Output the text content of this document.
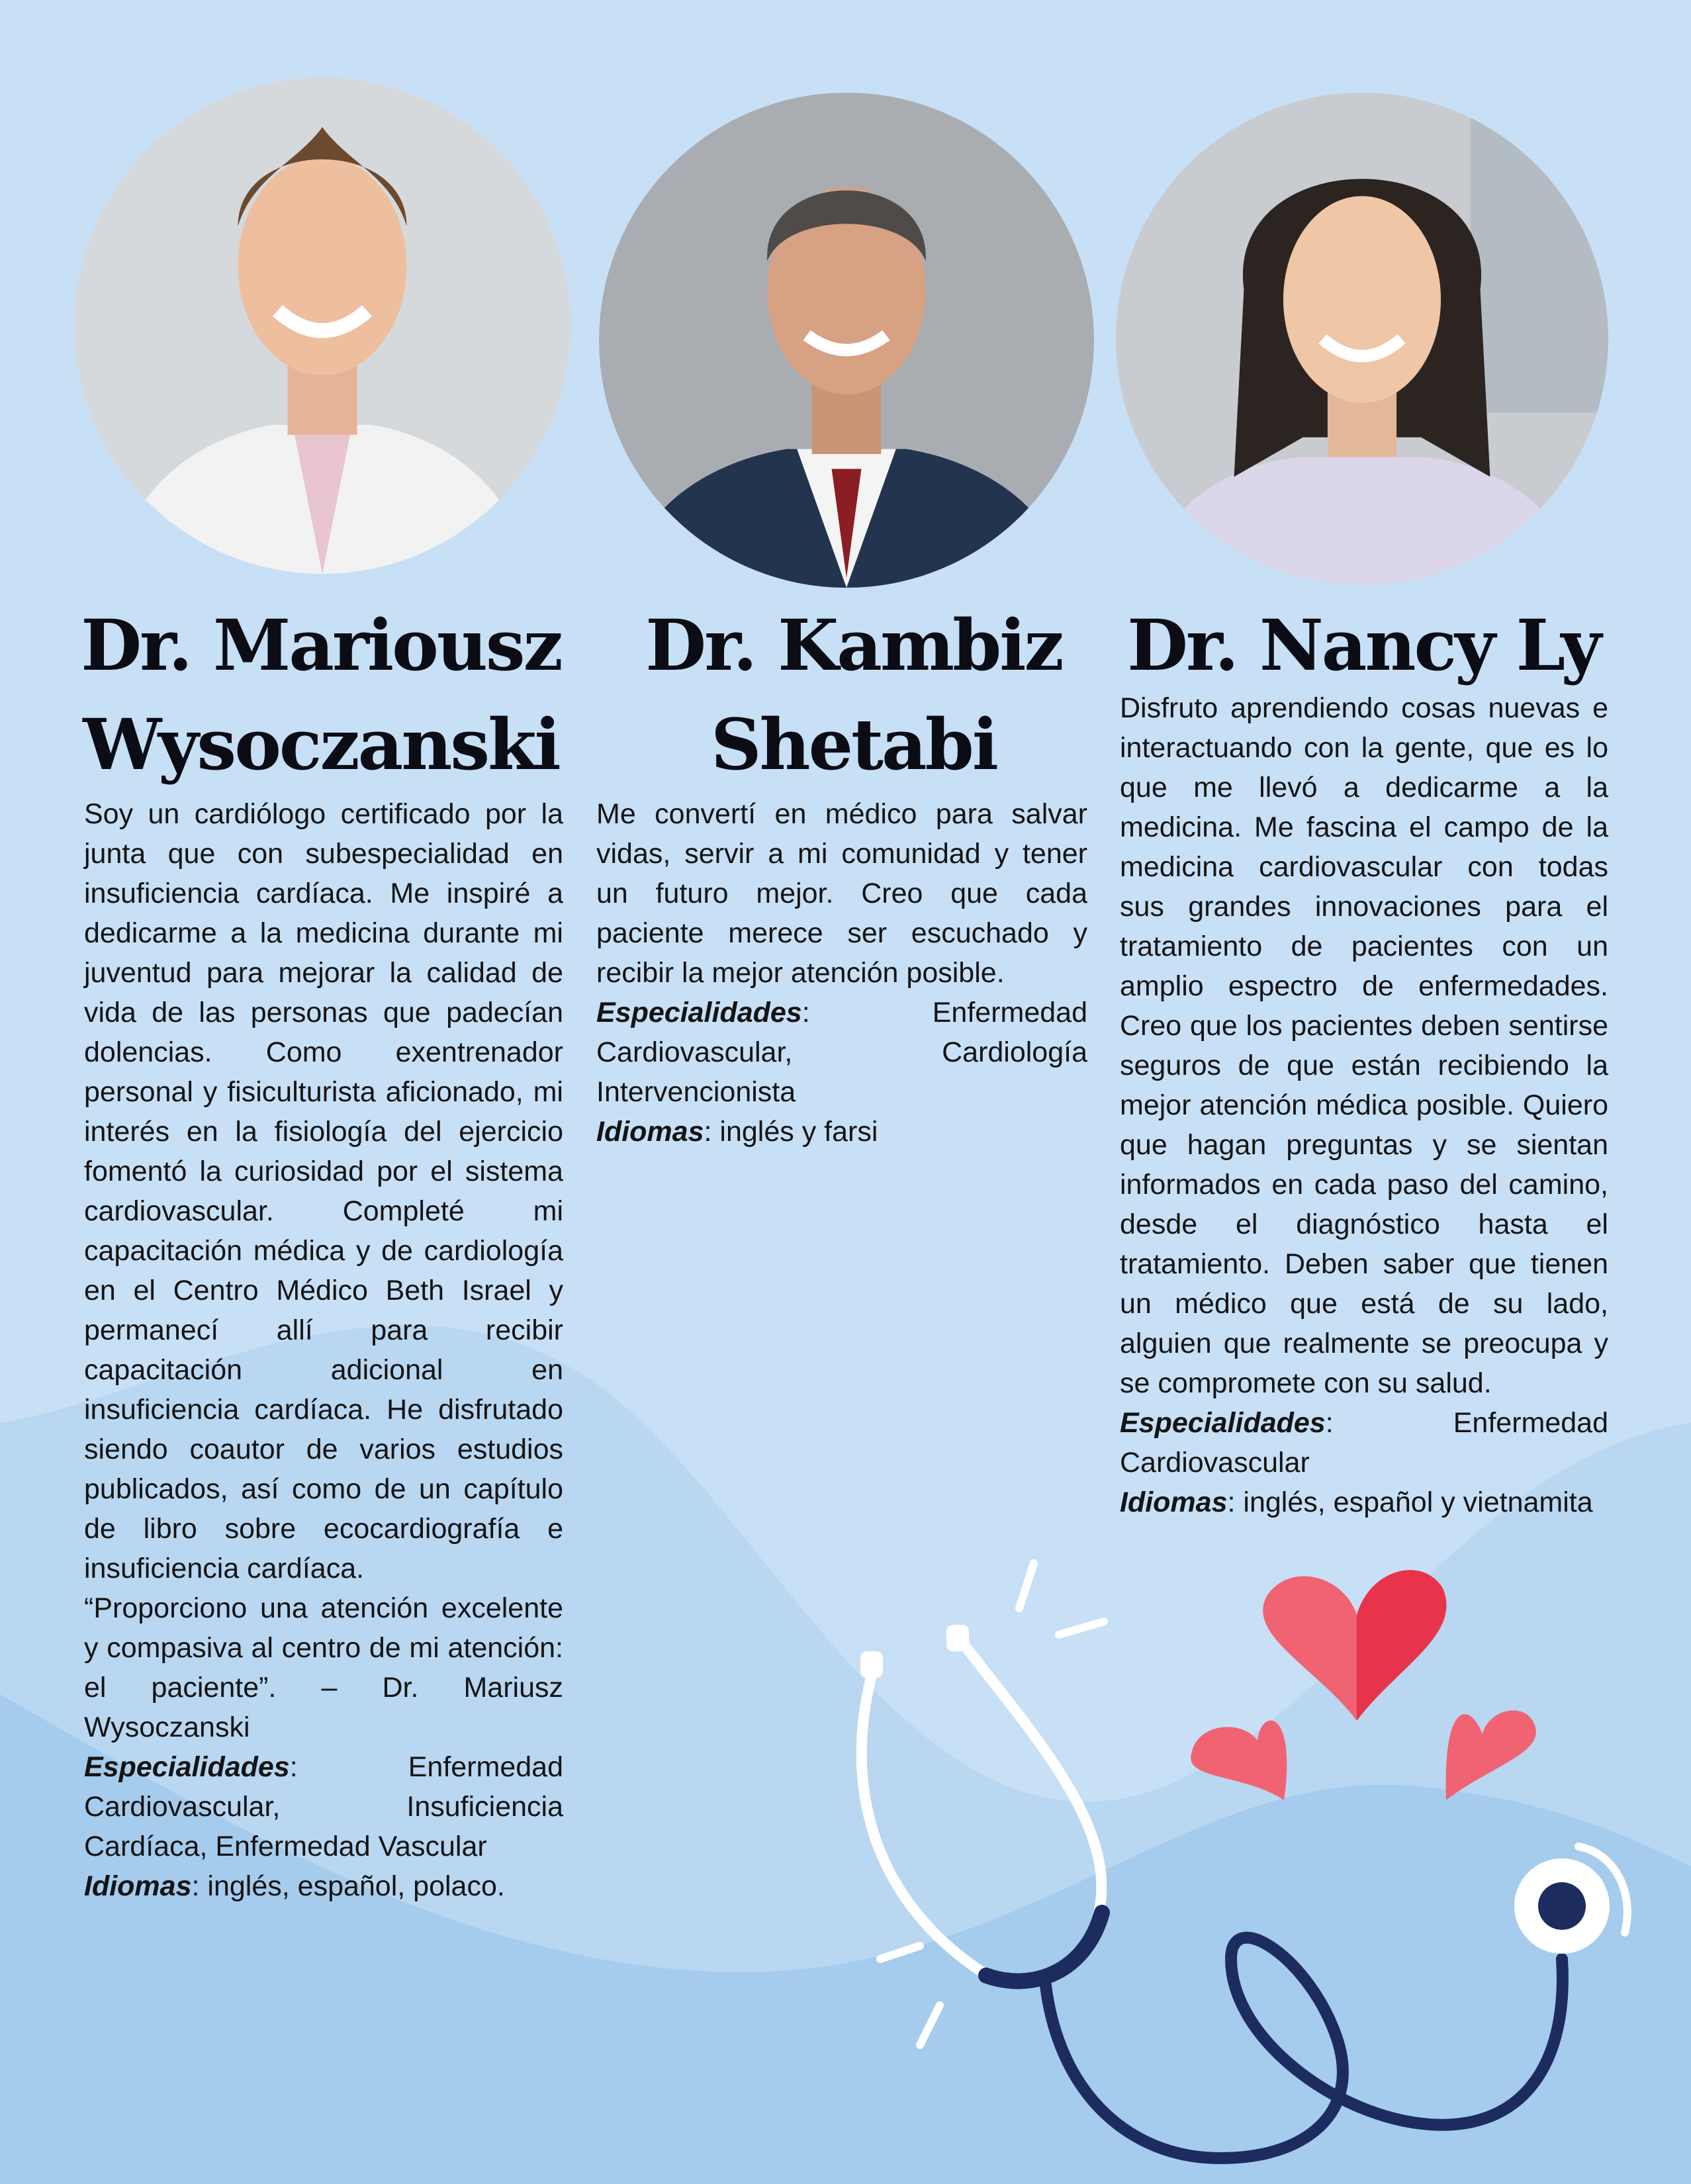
Dr. Mariousz
Wysoczanski

Soy un cardiólogo certificado por la junta que con subespecialidad en insuficiencia cardíaca. Me inspiré a dedicarme a la medicina durante mi juventud para mejorar la calidad de vida de las personas que padecían dolencias. Como exentrenador personal y fisiculturista aficionado, mi interés en la fisiología del ejercicio fomentó la curiosidad por el sistema cardiovascular. Completé mi capacitación médica y de cardiología en el Centro Médico Beth Israel y permanecí allí para recibir capacitación adicional en insuficiencia cardíaca. He disfrutado siendo coautor de varios estudios publicados, así como de un capítulo de libro sobre ecocardiografía e insuficiencia cardíaca.

“Proporciono una atención excelente y compasiva al centro de mi atención: el paciente”. – Dr. Mariusz Wysoczanski

Especialidades: Enfermedad Cardiovascular, Insuficiencia Cardíaca, Enfermedad Vascular

Idiomas: inglés, español, polaco.

Dr. Kambiz
Shetabi

Me convertí en médico para salvar vidas, servir a mi comunidad y tener un futuro mejor. Creo que cada paciente merece ser escuchado y recibir la mejor atención posible.

Especialidades: Enfermedad Cardiovascular, Cardiología Intervencionista

Idiomas: inglés y farsi

Dr. Nancy Ly

Disfruto aprendiendo cosas nuevas e interactuando con la gente, que es lo que me llevó a dedicarme a la medicina. Me fascina el campo de la medicina cardiovascular con todas sus grandes innovaciones para el tratamiento de pacientes con un amplio espectro de enfermedades. Creo que los pacientes deben sentirse seguros de que están recibiendo la mejor atención médica posible. Quiero que hagan preguntas y se sientan informados en cada paso del camino, desde el diagnóstico hasta el tratamiento. Deben saber que tienen un médico que está de su lado, alguien que realmente se preocupa y se compromete con su salud.

Especialidades: Enfermedad Cardiovascular

Idiomas: inglés, español y vietnamita
